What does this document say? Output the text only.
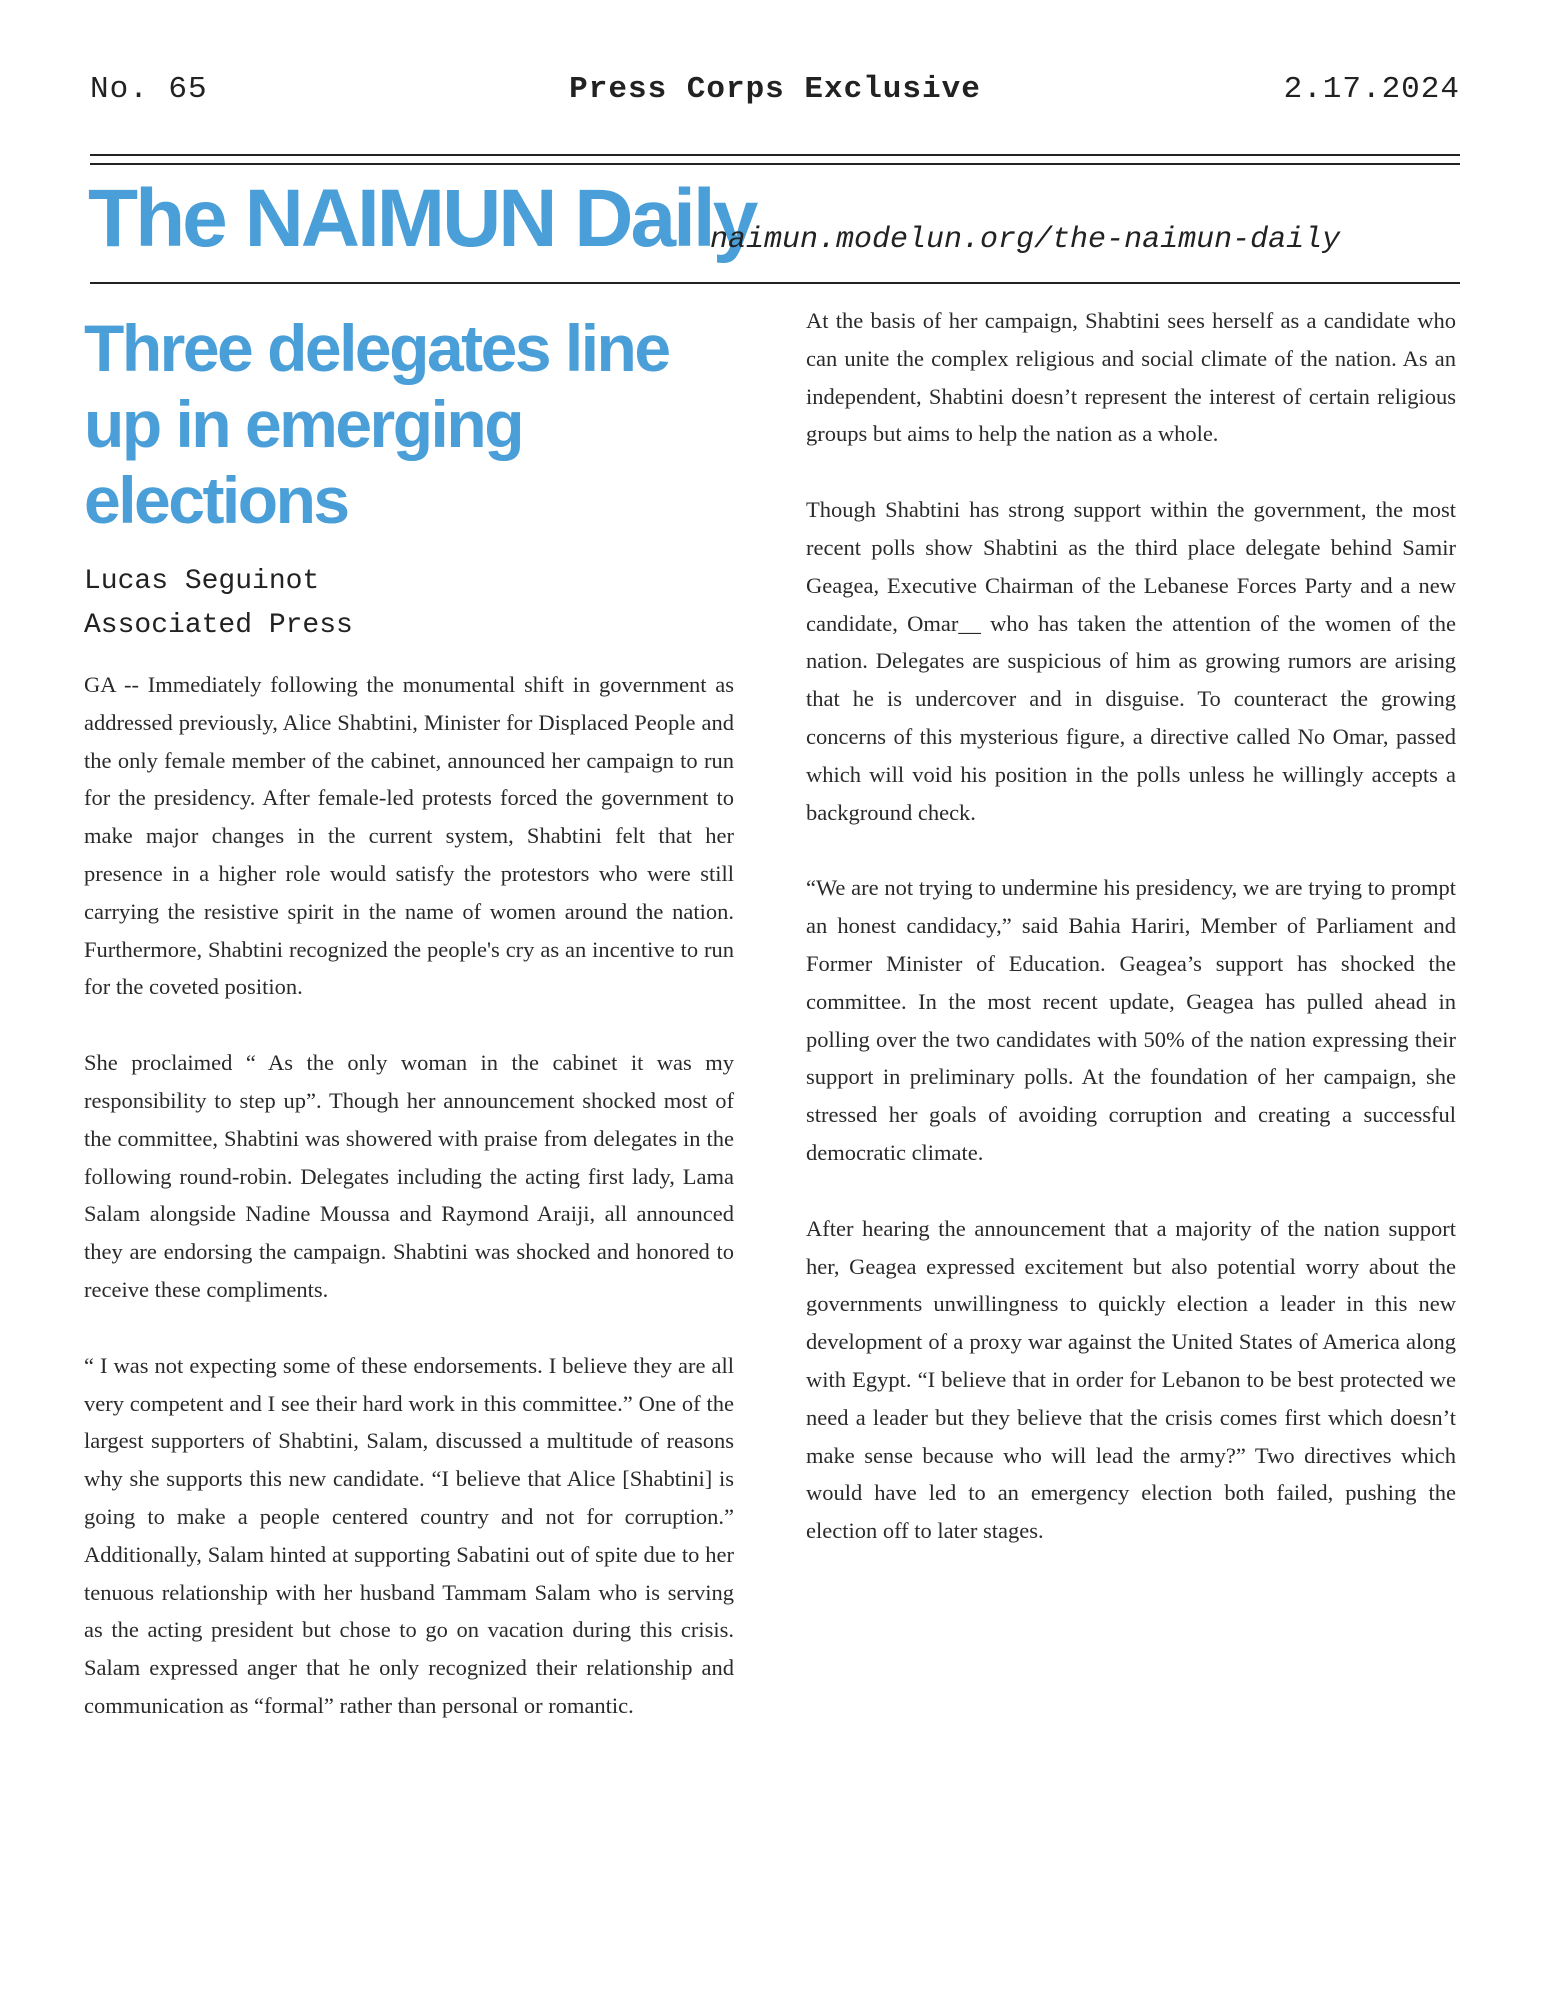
No. 65	Press Corps Exclusive	2.17.2024
The NAIMUN Daily
naimun.modelun.org/the-naimun-daily
Three delegates line up in emerging elections
Lucas Seguinot
Associated Press

GA -- Immediately following the monumental shift in government as addressed previously, Alice Shabtini, Minister for Displaced People and the only female member of the cabinet, announced her campaign to run for the presidency. After female-led protests forced the government to make major changes in the current system, Shabtini felt that her presence in a higher role would satisfy the protestors who were still carrying the resistive spirit in the name of women around the nation. Furthermore, Shabtini recognized the people's cry as an incentive to run for the coveted position.

She proclaimed “ As the only woman in the cabinet it was my responsibility to step up”. Though her announcement shocked most of the committee, Shabtini was showered with praise from delegates in the following round-robin. Delegates including the acting first lady, Lama Salam alongside Nadine Moussa and Raymond Araiji, all announced they are endorsing the campaign. Shabtini was shocked and honored to receive these compliments.

“ I was not expecting some of these endorsements. I believe they are all very competent and I see their hard work in this committee.” One of the largest supporters of Shabtini, Salam, discussed a multitude of reasons why she supports this new candidate. “I believe that Alice [Shabtini] is going to make a people centered country and not for corruption.” Additionally, Salam hinted at supporting Sabatini out of spite due to her tenuous relationship with her husband Tammam Salam who is serving as the acting president but chose to go on vacation during this crisis. Salam expressed anger that he only recognized their relationship and communication as “formal” rather than personal or romantic.

At the basis of her campaign, Shabtini sees herself as a candidate who can unite the complex religious and social climate of the nation. As an independent, Shabtini doesn’t represent the interest of certain religious groups but aims to help the nation as a whole.

Though Shabtini has strong support within the government, the most recent polls show Shabtini as the third place delegate behind Samir Geagea, Executive Chairman of the Lebanese Forces Party and a new candidate, Omar__ who has taken the attention of the women of the nation. Delegates are suspicious of him as growing rumors are arising that he is undercover and in disguise. To counteract the growing concerns of this mysterious figure, a directive called No Omar, passed which will void his position in the polls unless he willingly accepts a background check.

“We are not trying to undermine his presidency, we are trying to prompt an honest candidacy,” said Bahia Hariri, Member of Parliament and Former Minister of Education. Geagea’s support has shocked the committee. In the most recent update, Geagea has pulled ahead in polling over the two candidates with 50% of the nation expressing their support in preliminary polls. At the foundation of her campaign, she stressed her goals of avoiding corruption and creating a successful democratic climate.

After hearing the announcement that a majority of the nation support her, Geagea expressed excitement but also potential worry about the governments unwillingness to quickly election a leader in this new development of a proxy war against the United States of America along with Egypt. “I believe that in order for Lebanon to be best protected we need a leader but they believe that the crisis comes first which doesn’t make sense because who will lead the army?” Two directives which would have led to an emergency election both failed, pushing the election off to later stages.
